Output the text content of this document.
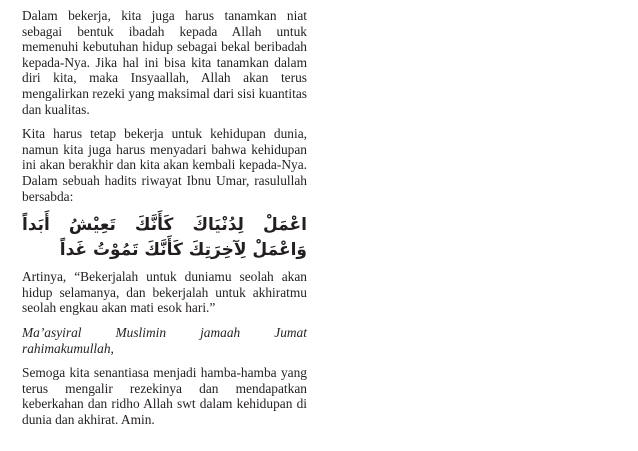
Dalam bekerja, kita juga harus tanamkan niat sebagai bentuk ibadah kepada Allah untuk memenuhi kebutuhan hidup sebagai bekal beribadah kepada-Nya. Jika hal ini bisa kita tanamkan dalam diri kita, maka Insyaallah, Allah akan terus mengalirkan rezeki yang maksimal dari sisi kuantitas dan kualitas.

Kita harus tetap bekerja untuk kehidupan dunia, namun kita juga harus menyadari bahwa kehidupan ini akan berakhir dan kita akan kembali kepada-Nya. Dalam sebuah hadits riwayat Ibnu Umar, rasulullah bersabda:

اعْمَلْ لِدُنْيَاكَ كَأَنَّكَ تَعِيْشُ أَبَداً وَاعْمَلْ لِآخِرَتِكَ كَأَنَّكَ تَمُوْتُ غَداً

Artinya, “Bekerjalah untuk duniamu seolah akan hidup selamanya, dan bekerjalah untuk akhiratmu seolah engkau akan mati esok hari.”

Ma’asyiral	Muslimin	jamaah	Jumat
rahimakumullah,

Semoga kita senantiasa menjadi hamba-hamba yang terus mengalir rezekinya dan mendapatkan keberkahan dan ridho Allah swt dalam kehidupan di dunia dan akhirat. Amin.
